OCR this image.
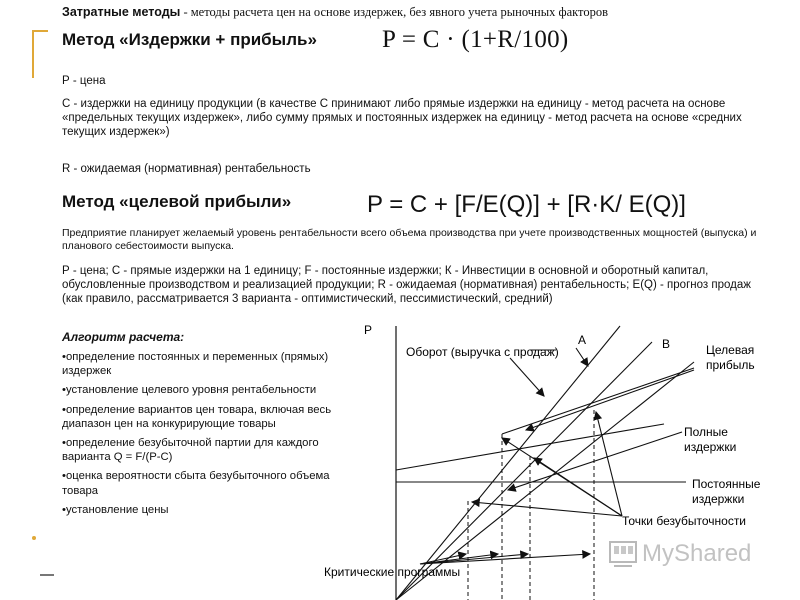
Затратные методы - методы расчета цен на основе издержек, без явного учета рыночных факторов
Метод «Издержки + прибыль»	P = C · (1+R/100)
Р - цена
С - издержки на единицу продукции (в качестве С принимают либо прямые издержки на единицу - метод расчета на основе «предельных текущих издержек», либо сумму прямых и постоянных издержек на единицу - метод расчета на основе «средних текущих издержек»)
R - ожидаемая (нормативная) рентабельность
Метод «целевой прибыли»	P = C + [F/E(Q)] + [R·K/ E(Q)]
Предприятие планирует желаемый уровень рентабельности всего объема производства при учете производственных мощностей (выпуска) и планового себестоимости выпуска.
Р - цена; С - прямые издержки на 1 единицу; F - постоянные издержки; К - Инвестиции в основной и оборотный капитал, обусловленные производством и реализацией продукции; R - ожидаемая (нормативная) рентабельность; E(Q) - прогноз продаж (как правило, рассматривается 3 варианта - оптимистический, пессимистический, средний)
Алгоритм расчета:
•определение постоянных и переменных (прямых) издержек
•установление целевого уровня рентабельности
•определение вариантов цен товара, включая весь диапазон цен на конкурирующие товары
•определение безубыточной партии для каждого варианта Q = F/(P-C)
•оценка вероятности сбыта безубыточного объема товара
•установление цены
P
A	B
Оборот (выручка с продаж)	Целевая
прибыль
Полные
издержки
Постоянные
издержки
Точки безубыточности
Критические программы
MyShared
